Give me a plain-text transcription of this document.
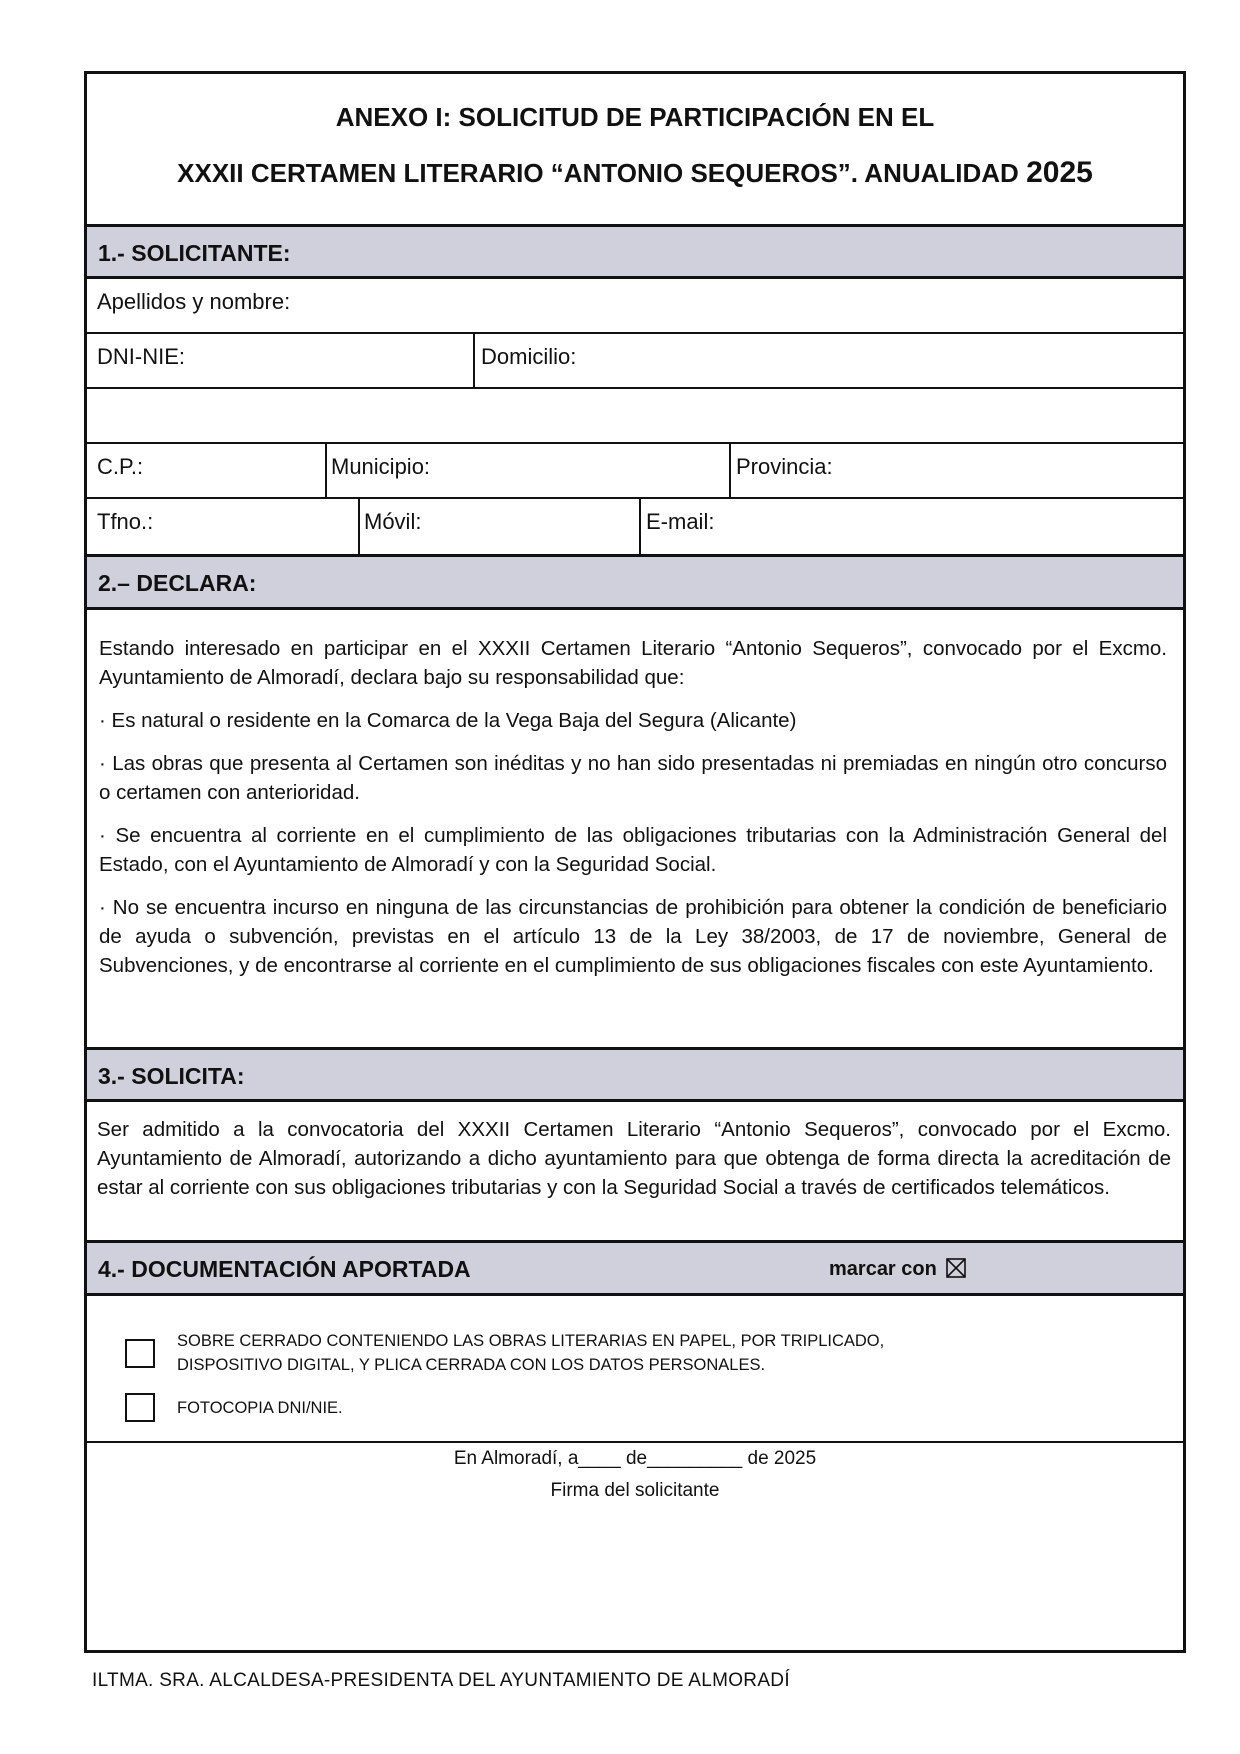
ANEXO I: SOLICITUD DE PARTICIPACIÓN EN EL
XXXII CERTAMEN LITERARIO “ANTONIO SEQUEROS”. ANUALIDAD 2025
1.- SOLICITANTE:
Apellidos y nombre:
DNI-NIE:	Domicilio:
C.P.:	Municipio:	Provincia:
Tfno.:	Móvil:	E-mail:
2.– DECLARA:
Estando interesado en participar en el XXXII Certamen Literario “Antonio Sequeros”, convocado por el Excmo. Ayuntamiento de Almoradí, declara bajo su responsabilidad que:
· Es natural o residente en la Comarca de la Vega Baja del Segura (Alicante)
· Las obras que presenta al Certamen son inéditas y no han sido presentadas ni premiadas en ningún otro concurso o certamen con anterioridad.
· Se encuentra al corriente en el cumplimiento de las obligaciones tributarias con la Administración General del Estado, con el Ayuntamiento de Almoradí y con la Seguridad Social.
· No se encuentra incurso en ninguna de las circunstancias de prohibición para obtener la condición de beneficiario de ayuda o subvención, previstas en el artículo 13 de la Ley 38/2003, de 17 de noviembre, General de Subvenciones, y de encontrarse al corriente en el cumplimiento de sus obligaciones fiscales con este Ayuntamiento.
3.- SOLICITA:
Ser admitido a la convocatoria del XXXII Certamen Literario “Antonio Sequeros”, convocado por el Excmo. Ayuntamiento de Almoradí, autorizando a dicho ayuntamiento para que obtenga de forma directa la acreditación de estar al corriente con sus obligaciones tributarias y con la Seguridad Social a través de certificados telemáticos.
4.- DOCUMENTACIÓN APORTADA	marcar con
SOBRE CERRADO CONTENIENDO LAS OBRAS LITERARIAS EN PAPEL, POR TRIPLICADO,
DISPOSITIVO DIGITAL, Y PLICA CERRADA CON LOS DATOS PERSONALES.
FOTOCOPIA DNI/NIE.
En Almoradí, a____ de_________ de 2025
Firma del solicitante
ILTMA. SRA. ALCALDESA-PRESIDENTA DEL AYUNTAMIENTO DE ALMORADÍ
